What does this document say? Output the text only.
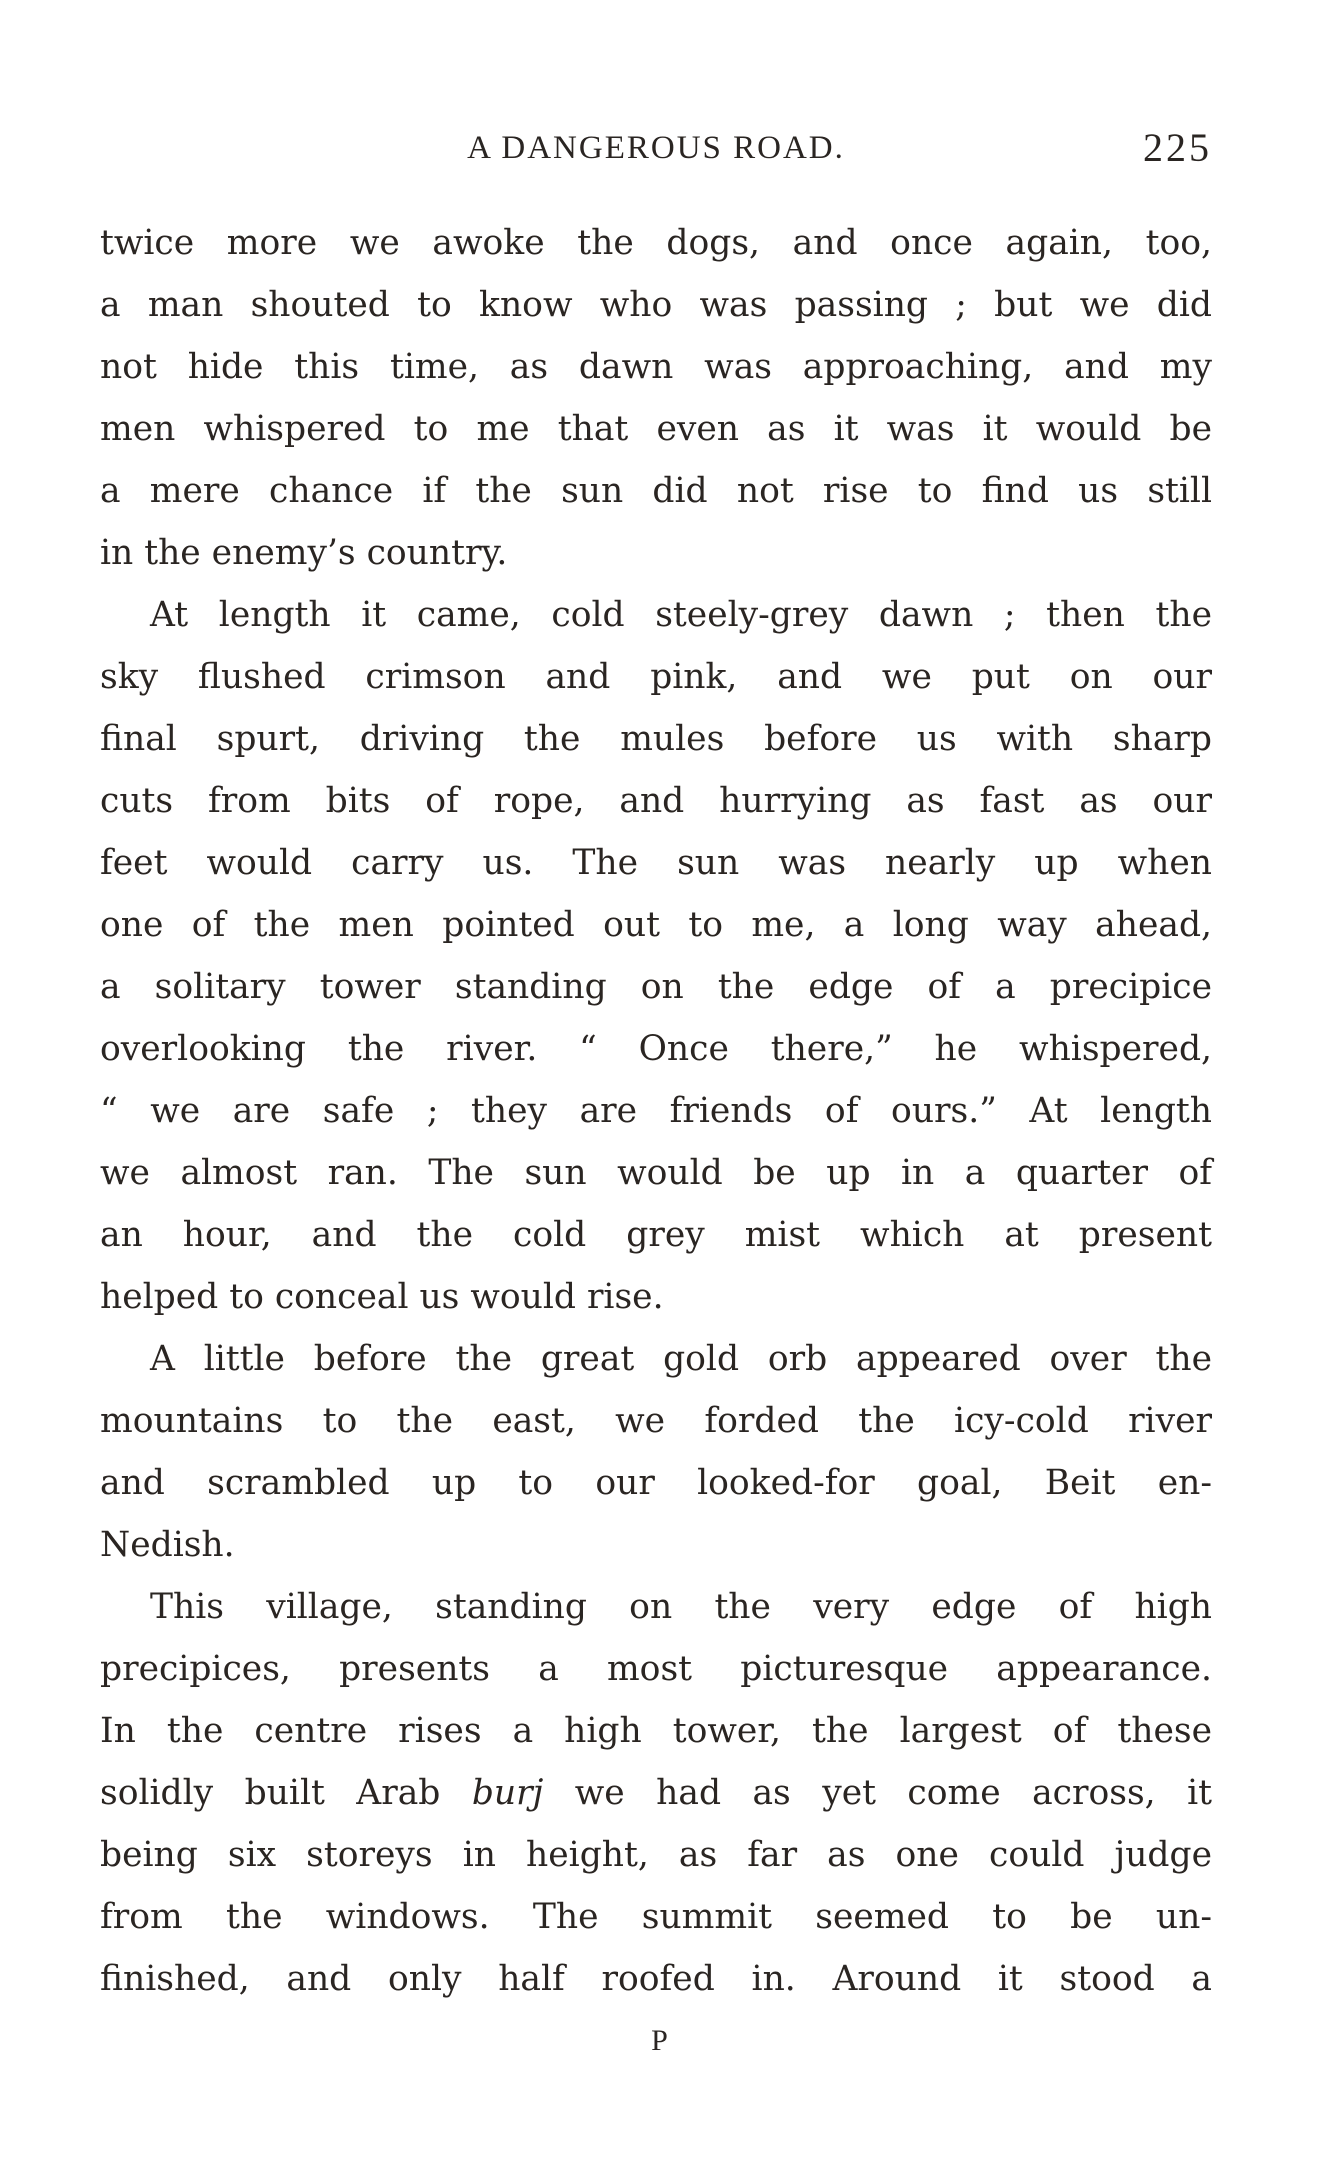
A DANGEROUS ROAD.	225

twice more we awoke the dogs, and once again, too,
a man shouted to know who was passing ; but we did
not hide this time, as dawn was approaching, and my
men whispered to me that even as it was it would be
a mere chance if the sun did not rise to find us still
in the enemy’s country.

At length it came, cold steely-grey dawn ; then the
sky flushed crimson and pink, and we put on our
final spurt, driving the mules before us with sharp
cuts from bits of rope, and hurrying as fast as our
feet would carry us. The sun was nearly up when
one of the men pointed out to me, a long way ahead,
a solitary tower standing on the edge of a precipice
overlooking the river. “ Once there,” he whispered,
“ we are safe ; they are friends of ours.” At length
we almost ran. The sun would be up in a quarter of
an hour, and the cold grey mist which at present
helped to conceal us would rise.

A little before the great gold orb appeared over the
mountains to the east, we forded the icy-cold river
and scrambled up to our looked-for goal, Beit en-
Nedish.

This village, standing on the very edge of high
precipices, presents a most picturesque appearance.
In the centre rises a high tower, the largest of these
solidly built Arab burj we had as yet come across, it
being six storeys in height, as far as one could judge
from the windows. The summit seemed to be un-
finished, and only half roofed in. Around it stood a

P
